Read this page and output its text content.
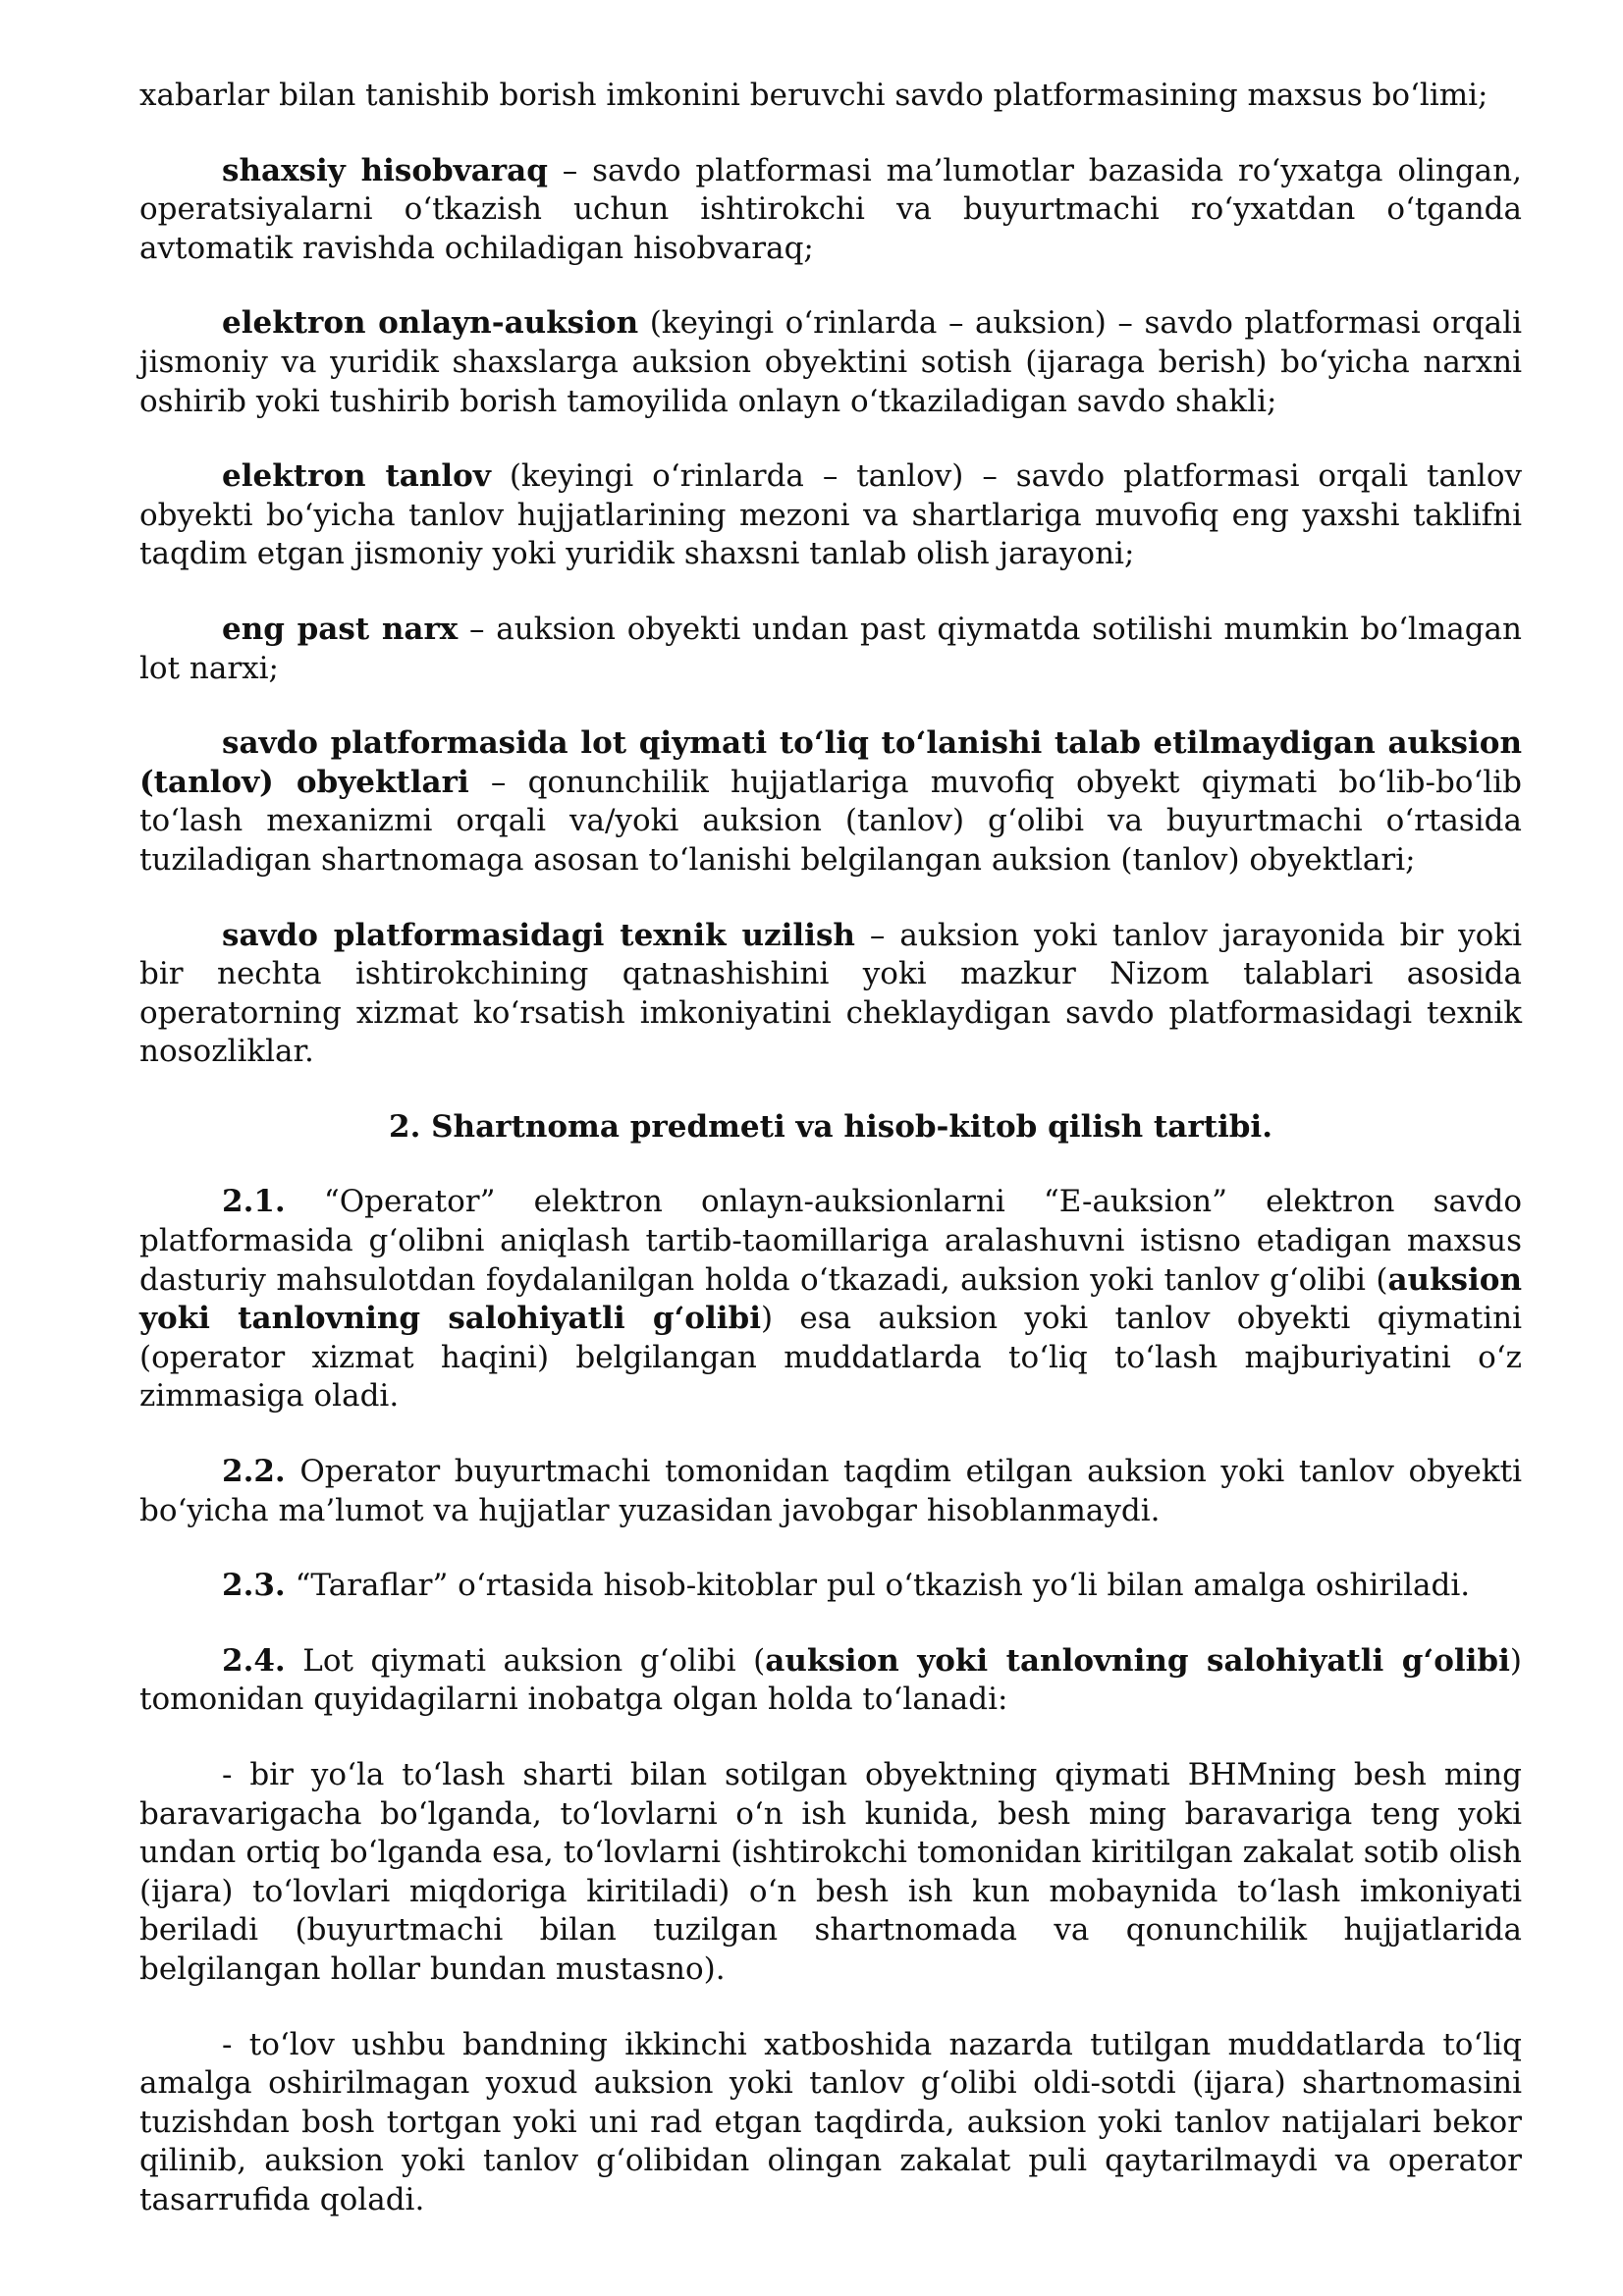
xabarlar bilan tanishib borish imkonini beruvchi savdo platformasining maxsus bo‘limi;

shaxsiy hisobvaraq – savdo platformasi ma’lumotlar bazasida ro‘yxatga olingan, operatsiyalarni o‘tkazish uchun ishtirokchi va buyurtmachi ro‘yxatdan o‘tganda avtomatik ravishda ochiladigan hisobvaraq;

elektron onlayn-auksion (keyingi o‘rinlarda – auksion) – savdo platformasi orqali jismoniy va yuridik shaxslarga auksion obyektini sotish (ijaraga berish) bo‘yicha narxni oshirib yoki tushirib borish tamoyilida onlayn o‘tkaziladigan savdo shakli;

elektron tanlov (keyingi o‘rinlarda – tanlov) – savdo platformasi orqali tanlov obyekti bo‘yicha tanlov hujjatlarining mezoni va shartlariga muvofiq eng yaxshi taklifni taqdim etgan jismoniy yoki yuridik shaxsni tanlab olish jarayoni;

eng past narx – auksion obyekti undan past qiymatda sotilishi mumkin bo‘lmagan lot narxi;

savdo platformasida lot qiymati to‘liq to‘lanishi talab etilmaydigan auksion (tanlov) obyektlari – qonunchilik hujjatlariga muvofiq obyekt qiymati bo‘lib-bo‘lib to‘lash mexanizmi orqali va/yoki auksion (tanlov) g‘olibi va buyurtmachi o‘rtasida tuziladigan shartnomaga asosan to‘lanishi belgilangan auksion (tanlov) obyektlari;

savdo platformasidagi texnik uzilish – auksion yoki tanlov jarayonida bir yoki bir nechta ishtirokchining qatnashishini yoki mazkur Nizom talablari asosida operatorning xizmat ko‘rsatish imkoniyatini cheklaydigan savdo platformasidagi texnik nosozliklar.

2. Shartnoma predmeti va hisob-kitob qilish tartibi.

2.1. “Operator” elektron onlayn-auksionlarni “E-auksion” elektron savdo platformasida g‘olibni aniqlash tartib-taomillariga aralashuvni istisno etadigan maxsus dasturiy mahsulotdan foydalanilgan holda o‘tkazadi, auksion yoki tanlov g‘olibi (auksion yoki tanlovning salohiyatli g‘olibi) esa auksion yoki tanlov obyekti qiymatini (operator xizmat haqini) belgilangan muddatlarda to‘liq to‘lash majburiyatini o‘z zimmasiga oladi.

2.2. Operator buyurtmachi tomonidan taqdim etilgan auksion yoki tanlov obyekti bo‘yicha ma’lumot va hujjatlar yuzasidan javobgar hisoblanmaydi.

2.3. “Taraflar” o‘rtasida hisob-kitoblar pul o‘tkazish yo‘li bilan amalga oshiriladi.

2.4. Lot qiymati auksion g‘olibi (auksion yoki tanlovning salohiyatli g‘olibi) tomonidan quyidagilarni inobatga olgan holda to‘lanadi:

- bir yo‘la to‘lash sharti bilan sotilgan obyektning qiymati BHMning besh ming baravarigacha bo‘lganda, to‘lovlarni o‘n ish kunida, besh ming baravariga teng yoki undan ortiq bo‘lganda esa, to‘lovlarni (ishtirokchi tomonidan kiritilgan zakalat sotib olish (ijara) to‘lovlari miqdoriga kiritiladi) o‘n besh ish kun mobaynida to‘lash imkoniyati beriladi (buyurtmachi bilan tuzilgan shartnomada va qonunchilik hujjatlarida belgilangan hollar bundan mustasno).

- to‘lov ushbu bandning ikkinchi xatboshida nazarda tutilgan muddatlarda to‘liq amalga oshirilmagan yoxud auksion yoki tanlov g‘olibi oldi-sotdi (ijara) shartnomasini tuzishdan bosh tortgan yoki uni rad etgan taqdirda, auksion yoki tanlov natijalari bekor qilinib, auksion yoki tanlov g‘olibidan olingan zakalat puli qaytarilmaydi va operator tasarrufida qoladi.
